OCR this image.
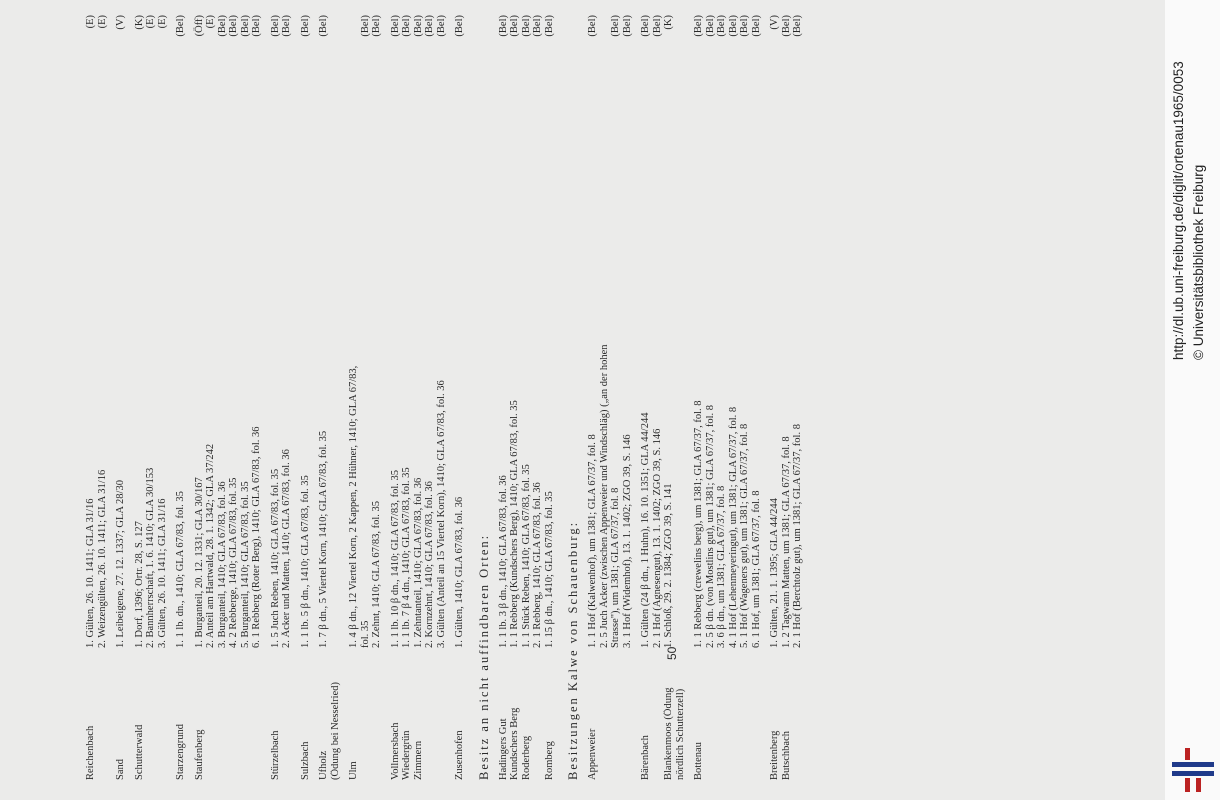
Reichenbach
1. Gülten, 26. 10. 1411; GLA 31/16
(E)
2. Weizengülten, 26. 10. 1411; GLA 31/16
(E)
Sand
1. Leibeigene, 27. 12. 1337; GLA 28/30
(V)
Schutterwald
1. Dorf, 1396; Ortr. 28, S. 127
(K)
2. Bannherrschaft, 1. 6. 1410; GLA 30/153
(E)
3. Gülten, 26. 10. 1411; GLA 31/16
(E)
Starzengrund
1. 1 lb. dn., 1410; GLA 67/83, fol. 35
(Bel)
Staufenberg
1. Burganteil, 20. 12. 1331; GLA 30/167
(Öff)
2. Anteil am Hartwald, 28. 1. 1342; GLA 37/242
(E)
3. Burganteil, 1410; GLA 67/83, fol. 36
(Bel)
4. 2 Rebberge, 1410; GLA 67/83, fol. 35
(Bel)
5. Burganteil, 1410; GLA 67/83, fol. 35
(Bel)
6. 1 Rebberg (Roter Berg), 1410; GLA 67/83, fol. 36
(Bel)
Stürzelbach
1. 5 Juch Reben, 1410; GLA 67/83, fol. 35
(Bel)
2. Äcker und Matten, 1410; GLA 67/83, fol. 36
(Bel)
Sulzbach
1. 1 lb. 5 β dn., 1410; GLA 67/83, fol. 35
(Bel)
Ufholz
1. 7 β dn., 5 Viertel Korn, 1410; GLA 67/83, fol. 35
(Bel)
(Ödung bei Nesselried) Ulm
1. 4 β dn., 12 Viertel Korn, 2 Kappen, 2 Hühner, 1410; GLA 67/83, fol. 35
(Bel)
2. Zehnt, 1410; GLA 67/83, fol. 35
(Bel)
Vollmersbach
1. 1 lb. 10 β dn., 1410; GLA 67/83, fol. 35
(Bel)
Wiedergrün
1. 1 lb. 7 β 4 dn., 1410; GLA 67/83, fol. 35
(Bel)
Zimmern
1. Zehntanteil, 1410; GLA 67/83, fol. 36
(Bel)
2. Kornzehnt, 1410; GLA 67/83, fol. 36
(Bel)
3. Gülten (Anteil an 15 Viertel Korn), 1410; GLA 67/83, fol. 36
(Bel)
Zusenhofen
1. Gülten, 1410; GLA 67/83, fol. 36
(Bel)
Besitz an nicht auffindbaren Orten: Hadingers Gut
1. 1 lb. 3 β dn., 1410; GLA 67/83, fol. 36
(Bel)
Kundschers Berg
1. 1 Rebberg (Kundschers Berg), 1410; GLA 67/83, fol. 35
(Bel)
Roderberg
1. 1 Stück Reben, 1410; GLA 67/83, fol. 35
(Bel)
2. 1 Rebberg, 1410; GLA 67/83, fol. 36
(Bel)
Romberg
1. 15 β dn., 1410; GLA 67/83, fol. 35
(Bel)
Besitzungen Kalwe von Schauenburg: Appenweier
1. 1 Hof (Kalwenhof), um 1381; GLA 67/37, fol. 8
(Bel)
2. 5 Juch Äcker (zwischen Appenweier und Windschläg) („an der hohen Strasse"), um 1381; GLA 67/37, fol. 8
(Bel)
3. 1 Hof (Widemhof), 13. 1. 1402; ZGO 39, S. 146
(Bel)
Bärenbach
1. Gülten (24 β dn., 1 Huhn), 16. 10. 1351; GLA 44/244
(Bel)
2. 1 Hof (Agnesengut), 13. 1. 1402; ZGO 39, S. 146
(Bel)
Blankenmoos (Ödung
1. Schloß, 29. 2. 1384; ZGO 39, S. 141
(K)
nördlich Schutterzell) Bottenau
1. 1 Rebberg (crewelins berg), um 1381; GLA 67/37, fol. 8
(Bel)
2. 5 β dn. (von Mostlins gut), um 1381; GLA 67/37, fol. 8
(Bel)
3. 6 β dn., um 1381; GLA 67/37, fol. 8
(Bel)
4. 1 Hof (Lehenmeyeringut), um 1381; GLA 67/37, fol. 8
(Bel)
5. 1 Hof (Wageners gut), um 1381; GLA 67/37, fol. 8
(Bel)
6. 1 Hof, um 1381; GLA 67/37, fol. 8
(Bel)
Breitenberg
1. Gülten, 21. 1. 1395; GLA 44/244
(V)
Butschbach
1. 2 Tagwann Matten, um 1381; GLA 67/37, fol. 8
(Bel)
2. 1 Hof (Berchtolz gut), um 1381; GLA 67/37, fol. 8
(Bel)
50
http://dl.ub.uni-freiburg.de/diglit/ortenau1965/0053 © Universitätsbibliothek Freiburg
